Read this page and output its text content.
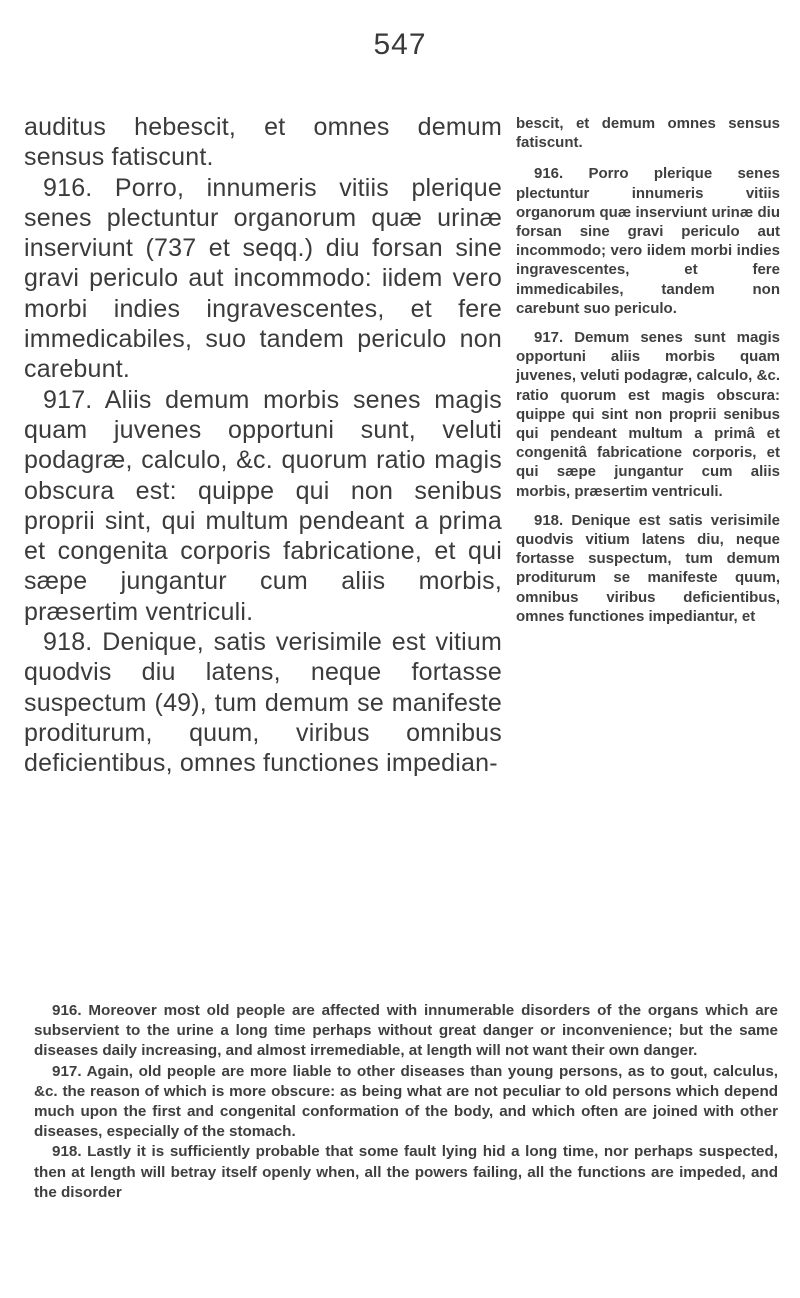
547

auditus hebescit, et omnes demum sensus fatiscunt.

916. Porro, innumeris vitiis plerique senes plectuntur organorum quæ urinæ inserviunt (737 et seqq.) diu forsan sine gravi periculo aut incommodo: iidem vero morbi indies ingravescentes, et fere immedicabiles, suo tandem periculo non carebunt.

917. Aliis demum morbis senes magis quam juvenes opportuni sunt, veluti podagræ, calculo, &c. quorum ratio magis obscura est: quippe qui non senibus proprii sint, qui multum pendeant a prima et congenita corporis fabricatione, et qui sæpe jungantur cum aliis morbis, præsertim ventriculi.

918. Denique, satis verisimile est vitium quodvis diu latens, neque fortasse suspectum (49), tum demum se manifeste proditurum, quum, viribus omnibus deficientibus, omnes functiones impedian-

bescit, et demum omnes sensus fatiscunt.

916. Porro plerique senes plectuntur innumeris vitiis organorum quæ inserviunt urinæ diu forsan sine gravi periculo aut incommodo; vero iidem morbi indies ingravescentes, et fere immedicabiles, tandem non carebunt suo periculo.

917. Demum senes sunt magis opportuni aliis morbis quam juvenes, veluti podagræ, calculo, &c. ratio quorum est magis obscura: quippe qui sint non proprii senibus qui pendeant multum a primâ et congenitâ fabricatione corporis, et qui sæpe jungantur cum aliis morbis, præsertim ventriculi.

918. Denique est satis verisimile quodvis vitium latens diu, neque fortasse suspectum, tum demum proditurum se manifeste quum, omnibus viribus deficientibus, omnes functiones impediantur, et

916. Moreover most old people are affected with innumerable disorders of the organs which are subservient to the urine a long time perhaps without great danger or inconvenience; but the same diseases daily increasing, and almost irremediable, at length will not want their own danger.

917. Again, old people are more liable to other diseases than young persons, as to gout, calculus, &c. the reason of which is more obscure: as being what are not peculiar to old persons which depend much upon the first and congenital conformation of the body, and which often are joined with other diseases, especially of the stomach.

918. Lastly it is sufficiently probable that some fault lying hid a long time, nor perhaps suspected, then at length will betray itself openly when, all the powers failing, all the functions are impeded, and the disorder
